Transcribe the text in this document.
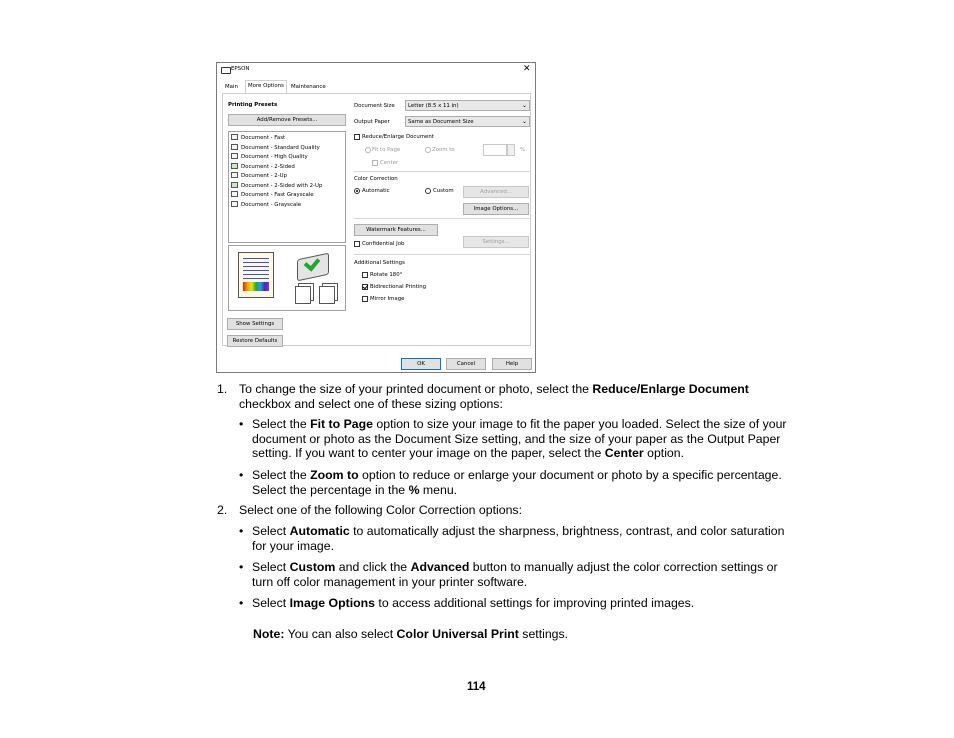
EPSON	✕
Main	More Options	Maintenance
Printing Presets
Add/Remove Presets...
Document - Fast
Document - Standard Quality
Document - High Quality
Document - 2-Sided
Document - 2-Up
Document - 2-Sided with 2-Up
Document - Fast Grayscale
Document - Grayscale
Show Settings
Restore Defaults
Document Size	Letter (8.5 x 11 in)	⌄
Output Paper	Same as Document Size	⌄
Reduce/Enlarge Document
Fit to Page	Zoom to	%
Center
Color Correction
Automatic	Custom	Advanced...
Image Options...
Watermark Features...
Confidential Job	Settings...
Additional Settings
Rotate 180°
Bidirectional Printing
Mirror Image
OK	Cancel	Help
1. To change the size of your printed document or photo, select the Reduce/Enlarge Document
checkbox and select one of these sizing options:
• Select the Fit to Page option to size your image to fit the paper you loaded. Select the size of your
document or photo as the Document Size setting, and the size of your paper as the Output Paper
setting. If you want to center your image on the paper, select the Center option.
• Select the Zoom to option to reduce or enlarge your document or photo by a specific percentage.
Select the percentage in the % menu.
2. Select one of the following Color Correction options:
• Select Automatic to automatically adjust the sharpness, brightness, contrast, and color saturation
for your image.
• Select Custom and click the Advanced button to manually adjust the color correction settings or
turn off color management in your printer software.
• Select Image Options to access additional settings for improving printed images.
Note: You can also select Color Universal Print settings.
114
